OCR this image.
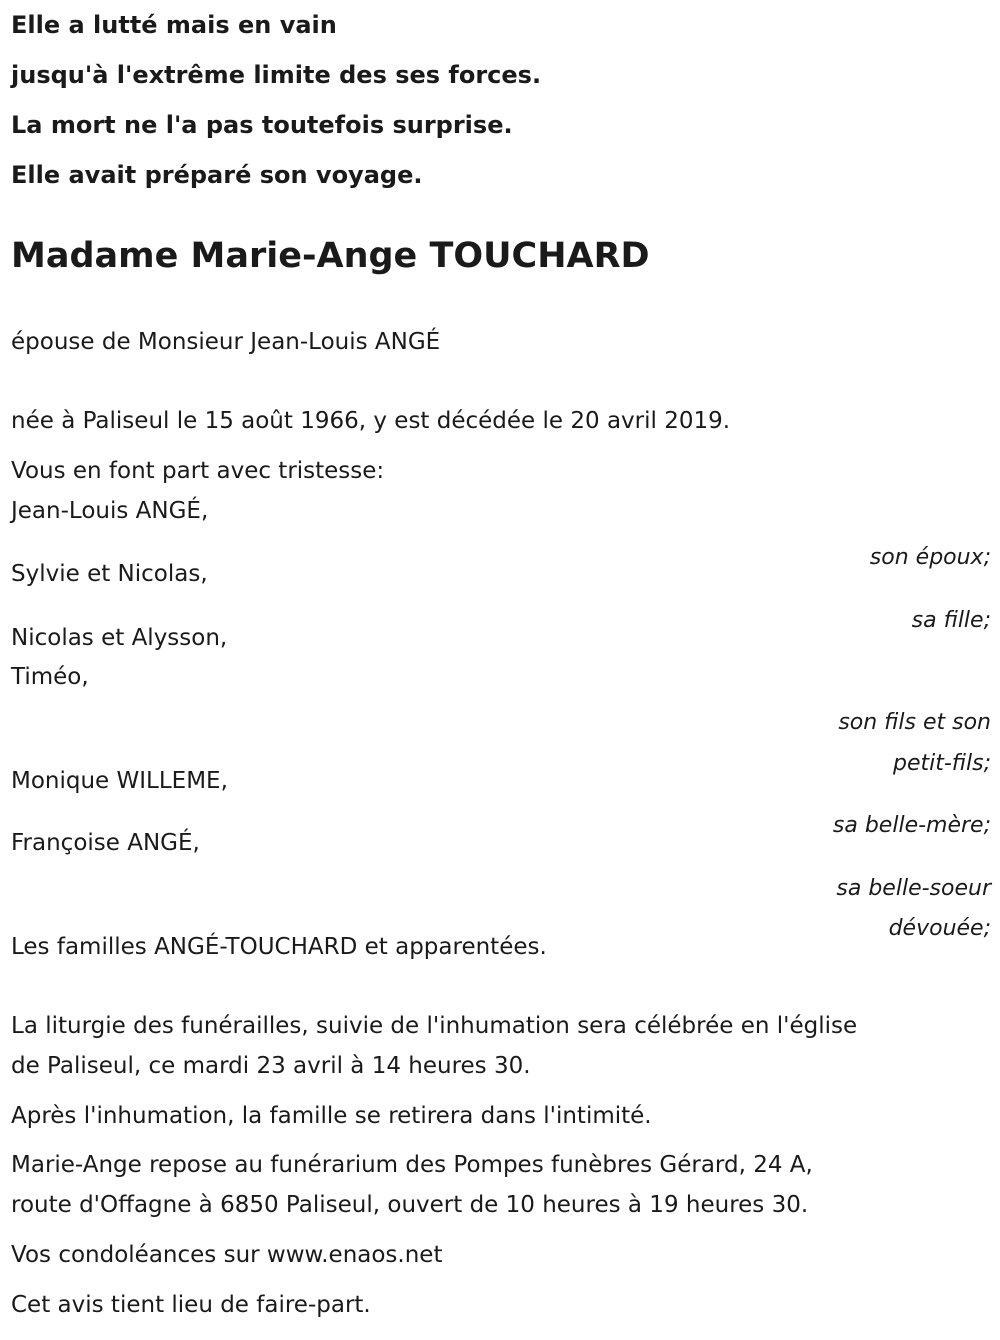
Elle a lutté mais en vain

jusqu'à l'extrême limite des ses forces.

La mort ne l'a pas toutefois surprise.

Elle avait préparé son voyage.

Madame Marie-Ange TOUCHARD

épouse de Monsieur Jean-Louis ANGÉ

née à Paliseul le 15 août 1966, y est décédée le 20 avril 2019.

Vous en font part avec tristesse:

Jean-Louis ANGÉ,

son époux;

Sylvie et Nicolas,

sa fille;

Nicolas et Alysson,

Timéo,

son fils et son

petit-fils;

Monique WILLEME,

sa belle-mère;

Françoise ANGÉ,

sa belle-soeur

dévouée;

Les familles ANGÉ-TOUCHARD et apparentées.

La liturgie des funérailles, suivie de l'inhumation sera célébrée en l'église

de Paliseul, ce mardi 23 avril à 14 heures 30.

Après l'inhumation, la famille se retirera dans l'intimité.

Marie-Ange repose au funérarium des Pompes funèbres Gérard, 24 A,

route d'Offagne à 6850 Paliseul, ouvert de 10 heures à 19 heures 30.

Vos condoléances sur www.enaos.net

Cet avis tient lieu de faire-part.
